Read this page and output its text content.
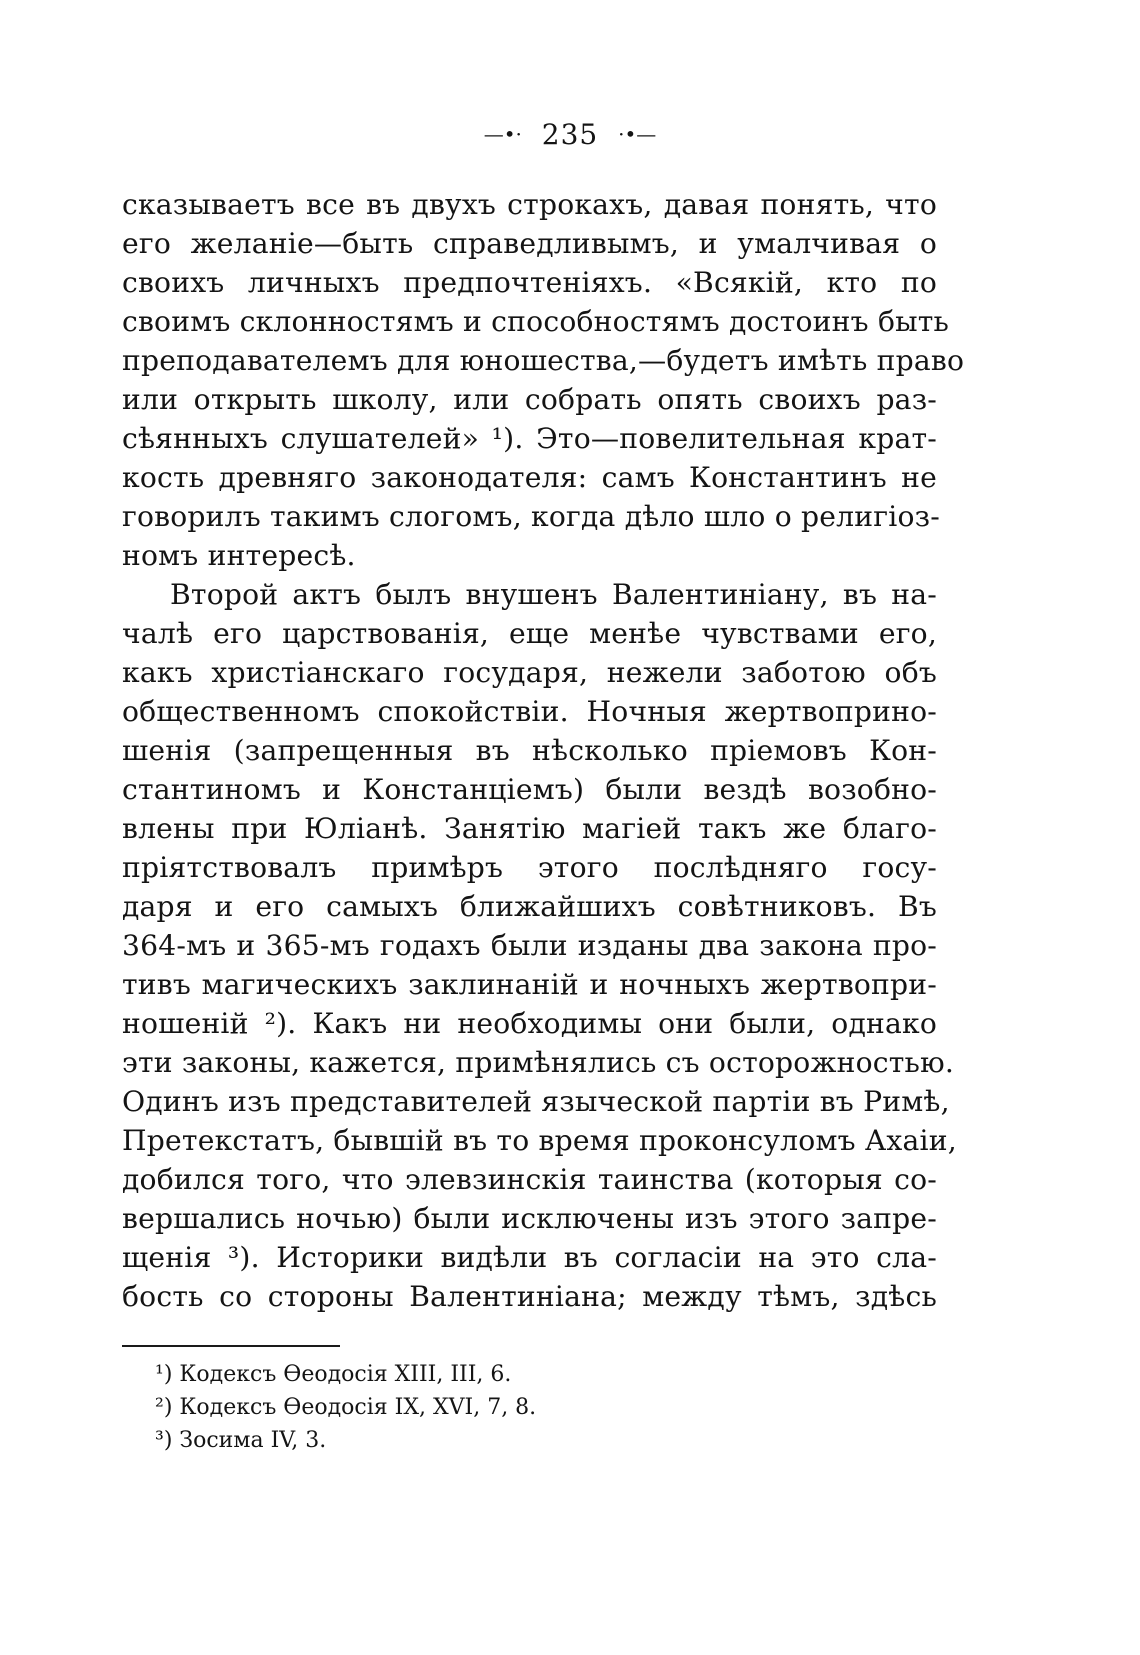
—•· 235 ·•—
сказываетъ все въ двухъ строкахъ, давая понять, что
его желаніе—быть справедливымъ, и умалчивая о
своихъ личныхъ предпочтеніяхъ. «Всякій, кто по
своимъ склонностямъ и способностямъ достоинъ быть
преподавателемъ для юношества,—будетъ имѣть право
или открыть школу, или собрать опять своихъ раз-
сѣянныхъ слушателей» ¹). Это—повелительная крат-
кость древняго законодателя: самъ Константинъ не
говорилъ такимъ слогомъ, когда дѣло шло о религіоз-
номъ интересѣ.
Второй актъ былъ внушенъ Валентиніану, въ на-
чалѣ его царствованія, еще менѣе чувствами его,
какъ христіанскаго государя, нежели заботою объ
общественномъ спокойствіи. Ночныя жертвоприно-
шенія (запрещенныя въ нѣсколько пріемовъ Кон-
стантиномъ и Констанціемъ) были вездѣ возобно-
влены при Юліанѣ. Занятію магіей такъ же благо-
пріятствовалъ примѣръ этого послѣдняго госу-
даря и его самыхъ ближайшихъ совѣтниковъ. Въ
364-мъ и 365-мъ годахъ были изданы два закона про-
тивъ магическихъ заклинаній и ночныхъ жертвопри-
ношеній ²). Какъ ни необходимы они были, однако
эти законы, кажется, примѣнялись съ осторожностью.
Одинъ изъ представителей языческой партіи въ Римѣ,
Претекстатъ, бывшій въ то время проконсуломъ Ахаіи,
добился того, что элевзинскія таинства (которыя со-
вершались ночью) были исключены изъ этого запре-
щенія ³). Историки видѣли въ согласіи на это сла-
бость со стороны Валентиніана; между тѣмъ, здѣсь
¹) Кодексъ Ѳеодосія XIII, III, 6.
²) Кодексъ Ѳеодосія IX, XVI, 7, 8.
³) Зосима IV, 3.
